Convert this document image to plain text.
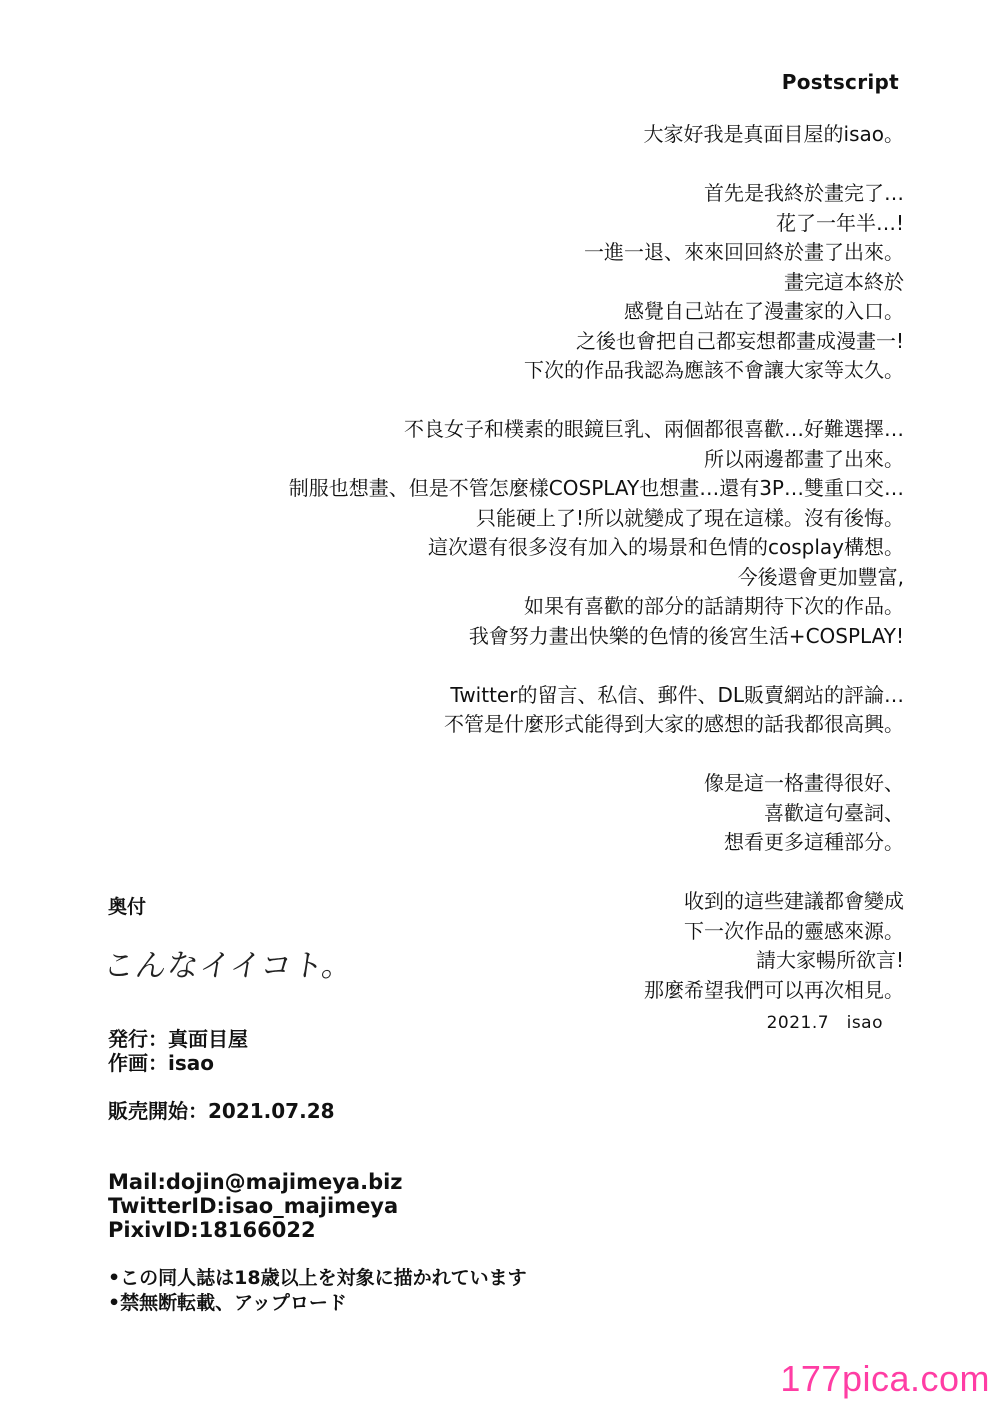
Postscript

大家好我是真面目屋的isao。

首先是我終於畫完了…

花了一年半…!

一進一退、來來回回終於畫了出來。

畫完這本終於

感覺自己站在了漫畫家的入口。

之後也會把自己都妄想都畫成漫畫一!

下次的作品我認為應該不會讓大家等太久。

不良女子和樸素的眼鏡巨乳、兩個都很喜歡…好難選擇…

所以兩邊都畫了出來。

制服也想畫、但是不管怎麼樣COSPLAY也想畫…還有3P…雙重口交…

只能硬上了!所以就變成了現在這樣。沒有後悔。

這次還有很多沒有加入的場景和色情的cosplay構想。

今後還會更加豐富,

如果有喜歡的部分的話請期待下次的作品。

我會努力畫出快樂的色情的後宮生活+COSPLAY!

Twitter的留言、私信、郵件、DL販賣網站的評論…

不管是什麼形式能得到大家的感想的話我都很高興。

像是這一格畫得很好、

喜歡這句臺詞、

想看更多這種部分。

收到的這些建議都會變成

下一次作品的靈感來源。

請大家暢所欲言!

那麼希望我們可以再次相見。

2021.7　isao
奥付
こんなイイコト。

発行：真面目屋

作画：isao

販売開始：2021.07.28

Mail:dojin@majimeya.biz

TwitterID:isao_majimeya

PixivID:18166022

•この同人誌は18歳以上を対象に描かれています

•禁無断転載、アップロード

177pica.com
